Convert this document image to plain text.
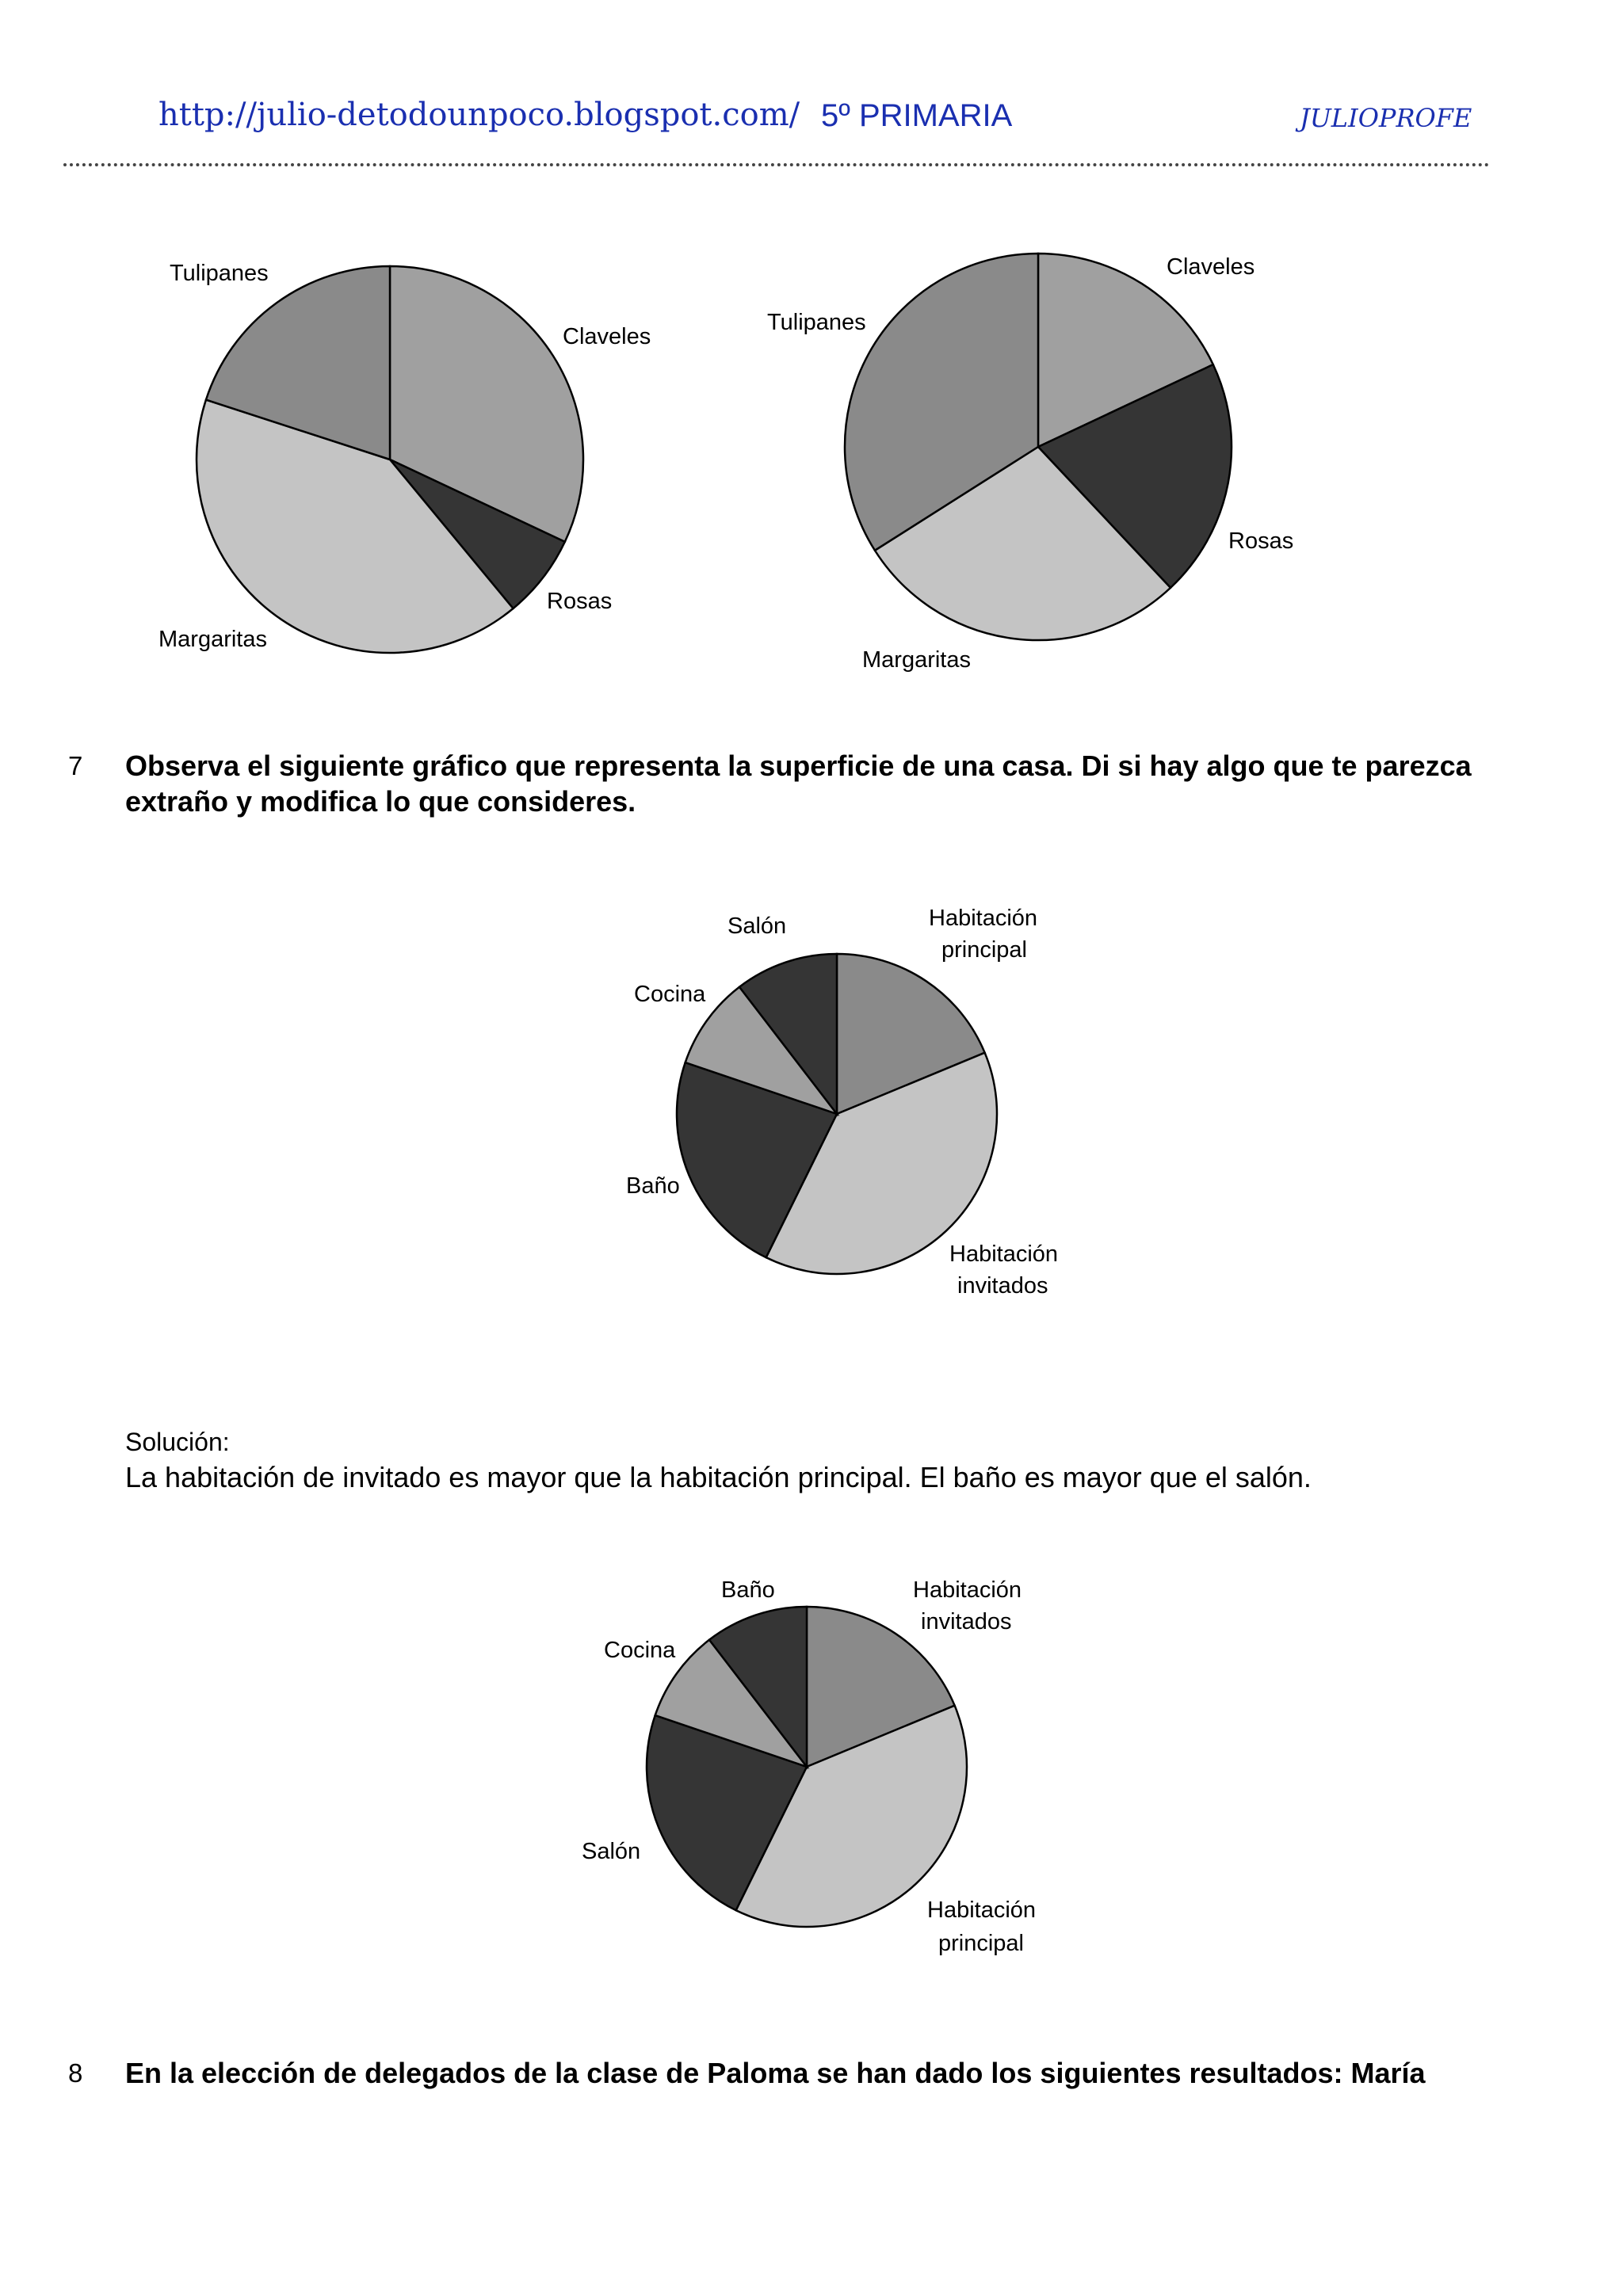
http://julio-detodounpoco.blogspot.com/ 5º PRIMARIA	JULIOPROFE
Claveles
Rosas
Margaritas
Tulipanes	Claveles
Rosas
Margaritas
Tulipanes
7 Observa el siguiente gráfico que representa la superficie de una casa. Di si hay algo que te parezca extraño y modifica lo que consideres.
Habitación
principal
Habitación
invitados
Baño
Cocina
Salón
Solución:
La habitación de invitado es mayor que la habitación principal. El baño es mayor que el salón.
Habitación
invitados
Habitación
principal
Salón
Cocina
Baño
8 En la elección de delegados de la clase de Paloma se han dado los siguientes resultados: María
